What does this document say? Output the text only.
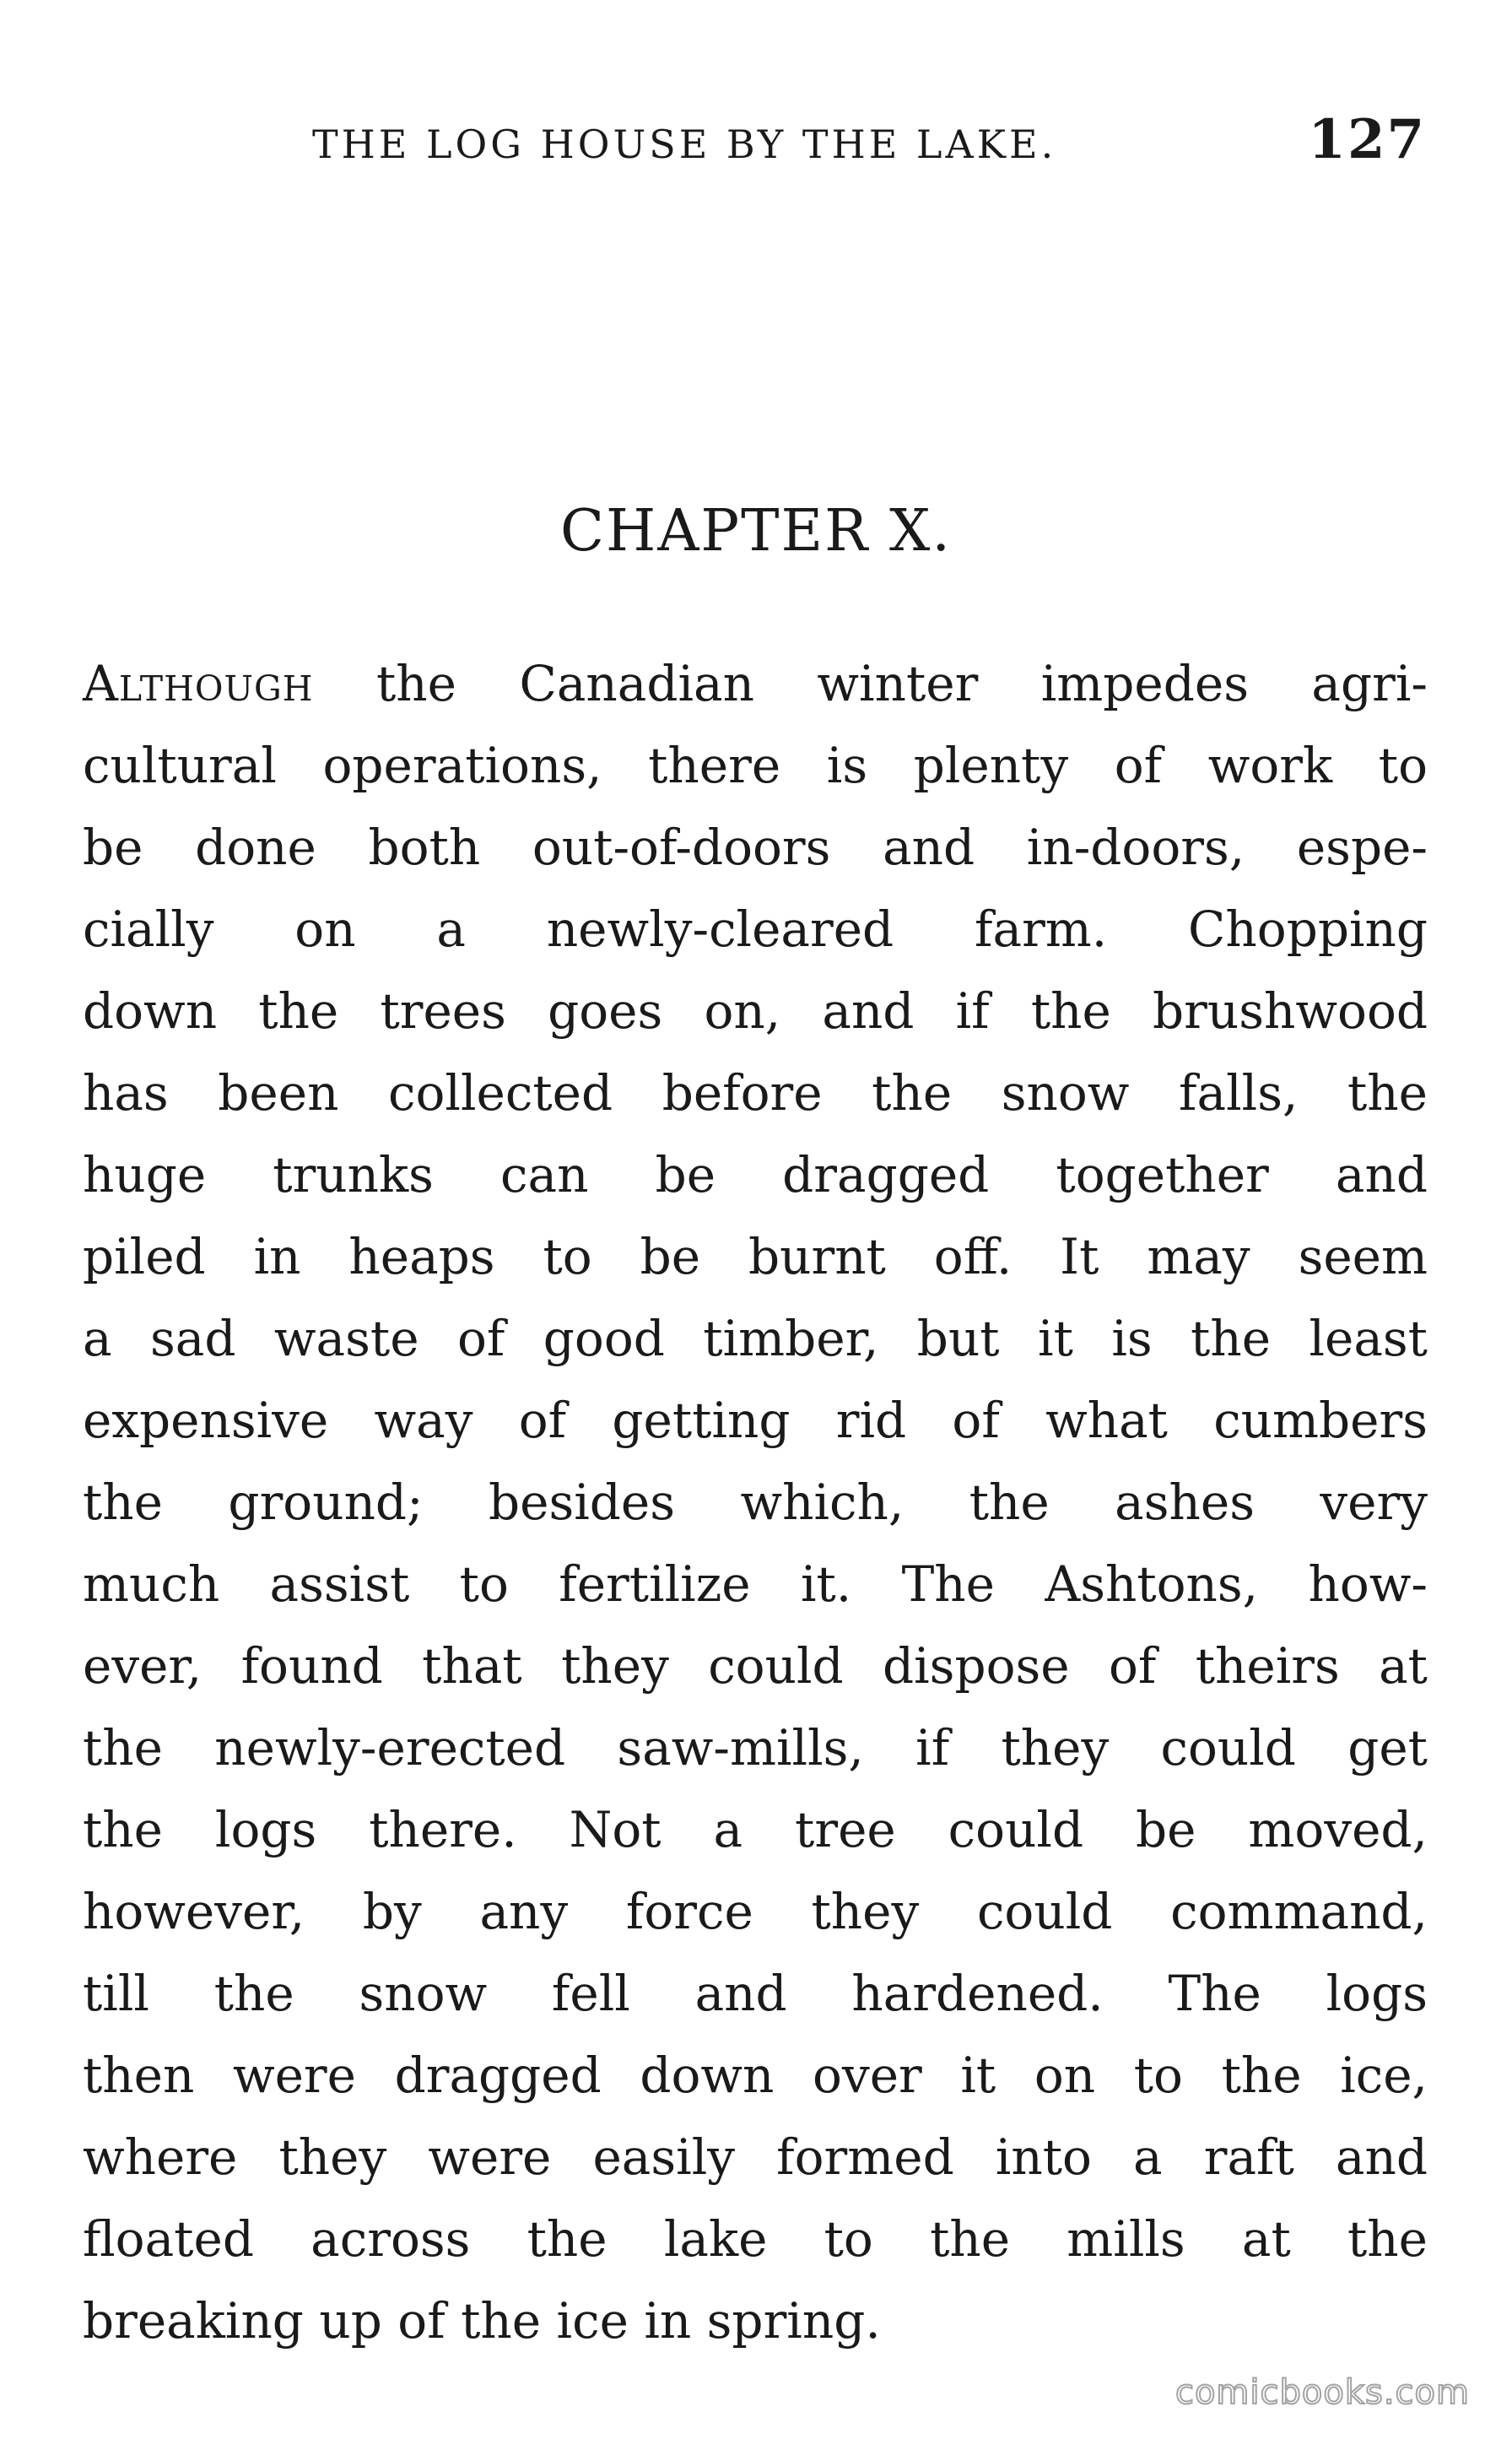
THE LOG HOUSE BY THE LAKE.	127
CHAPTER X.
Although the Canadian winter impedes agri-
cultural operations, there is plenty of work to
be done both out-of-doors and in-doors, espe-
cially on a newly-cleared farm. Chopping
down the trees goes on, and if the brushwood
has been collected before the snow falls, the
huge trunks can be dragged together and
piled in heaps to be burnt off. It may seem
a sad waste of good timber, but it is the least
expensive way of getting rid of what cumbers
the ground; besides which, the ashes very
much assist to fertilize it. The Ashtons, how-
ever, found that they could dispose of theirs at
the newly-erected saw-mills, if they could get
the logs there. Not a tree could be moved,
however, by any force they could command,
till the snow fell and hardened. The logs
then were dragged down over it on to the ice,
where they were easily formed into a raft and
floated across the lake to the mills at the
breaking up of the ice in spring.
comicbooks.com
